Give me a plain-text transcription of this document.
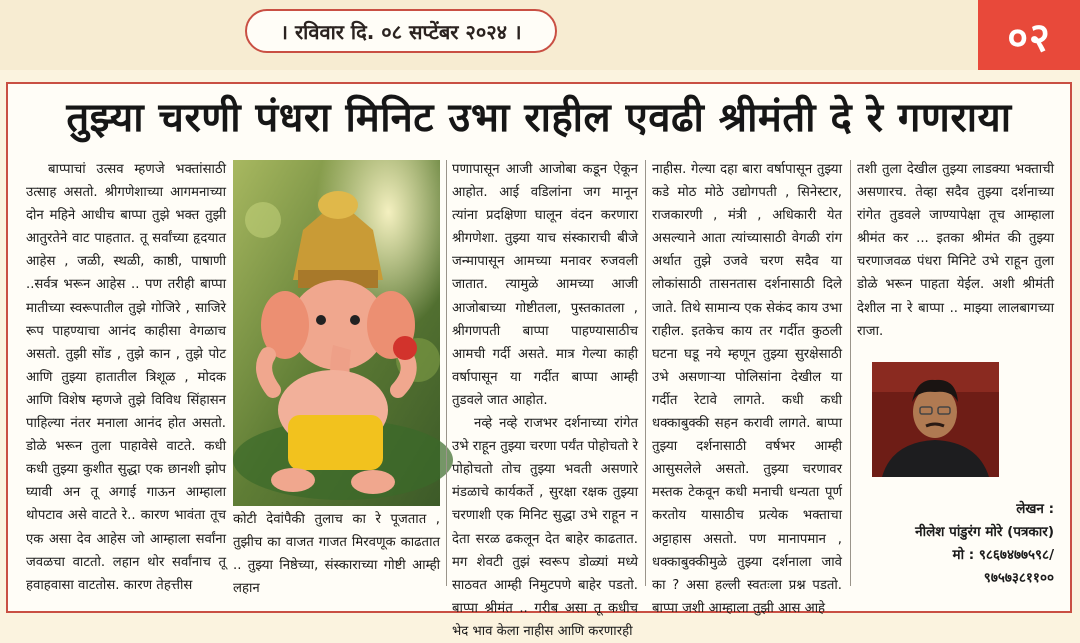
। रविवार दि. ०८ सप्टेंबर २०२४ ।	०२
तुझ्या चरणी पंधरा मिनिट उभा राहील एवढी श्रीमंती दे रे गणराया

बाप्पाचां उत्सव म्हणजे भक्तांसाठी उत्साह असतो. श्रीगणेशाच्या आगमनाच्या दोन महिने आधीच बाप्पा तुझे भक्त तुझी आतुरतेने वाट पाहतात. तू सर्वांच्या हृदयात आहेस , जळी, स्थळी, काष्ठी, पाषाणी ..सर्वत्र भरून आहेस .. पण तरीही बाप्पा मातीच्या स्वरूपातील तुझे गोजिरे , साजिरे रूप पाहण्याचा आनंद काहीसा वेगळाच असतो. तुझी सोंड , तुझे कान , तुझे पोट आणि तुझ्या हातातील त्रिशूळ , मोदक आणि विशेष म्हणजे तुझे विविध सिंहासन पाहिल्या नंतर मनाला आनंद होत असतो. डोळे भरून तुला पाहावेसे वाटते. कधी कधी तुझ्या कुशीत सुद्धा एक छानशी झोप घ्यावी अन तू अगाई गाऊन आम्हाला थोपटाव असे वाटते रे.. कारण भावंता तूच एक असा देव आहेस जो आम्हाला सर्वांना जवळचा वाटतो. लहान थोर सर्वांनाच तू हवाहवासा वाटतोस. कारण तेहत्तीस

कोटी देवांपैकी तुलाच का रे पूजतात , तुझीच का वाजत गाजत मिरवणूक काढतात .. तुझ्या निष्ठेच्या, संस्काराच्या गोष्टी आम्ही लहान

पणापासून आजी आजोबा कडून ऐकून आहोत. आई वडिलांना जग मानून त्यांना प्रदक्षिणा घालून वंदन करणारा श्रीगणेशा. तुझ्या याच संस्काराची बीजे जन्मापासून आमच्या मनावर रुजवली जातात. त्यामुळे आमच्या आजी आजोबाच्या गोष्टीतला, पुस्तकातला , श्रीगणपती बाप्पा पाहण्यासाठीच आमची गर्दी असते. मात्र गेल्या काही वर्षापासून या गर्दीत बाप्पा आम्ही तुडवले जात आहोत.

नव्हे नव्हे राजभर दर्शनाच्या रांगेत उभे राहून तुझ्या चरणा पर्यंत पोहोचतो रे पोहोचतो तोच तुझ्या भवती असणारे मंडळाचे कार्यकर्ते , सुरक्षा रक्षक तुझ्या चरणाशी एक मिनिट सुद्धा उभे राहून न देता सरळ ढकलून देत बाहेर काढतात. मग शेवटी तुझं स्वरूप डोळ्यां मध्ये साठवत आम्ही निमुटपणे बाहेर पडतो. बाप्पा श्रीमंत .. गरीब असा तू कधीच भेद भाव केला नाहीस आणि करणारही

नाहीस. गेल्या दहा बारा वर्षापासून तुझ्या कडे मोठ मोठे उद्योगपती , सिनेस्टार, राजकारणी , मंत्री , अधिकारी येत असल्याने आता त्यांच्यासाठी वेगळी रांग अर्थात तुझे उजवे चरण सदैव या लोकांसाठी तासनतास दर्शनासाठी दिले जाते. तिथे सामान्य एक सेकंद काय उभा राहील. इतकेच काय तर गर्दीत कुठली घटना घडू नये म्हणून तुझ्या सुरक्षेसाठी उभे असणाऱ्या पोलिसांना देखील या गर्दीत रेटावे लागते. कधी कधी धक्काबुक्की सहन करावी लागते. बाप्पा तुझ्या दर्शनासाठी वर्षभर आम्ही आसुसलेले असतो. तुझ्या चरणावर मस्तक टेकवून कधी मनाची धन्यता पूर्ण करतोय यासाठीच प्रत्येक भक्ताचा अट्टाहास असतो. पण मानापमान , धक्काबुक्कीमुळे तुझ्या दर्शनाला जावे का ? असा हल्ली स्वतःला प्रश्न पडतो. बाप्पा जशी आम्हाला तुझी आस आहे

तशी तुला देखील तुझ्या लाडक्या भक्ताची असणारच. तेव्हा सदैव तुझ्या दर्शनाच्या रांगेत तुडवले जाण्यापेक्षा तूच आम्हाला श्रीमंत कर ... इतका श्रीमंत की तुझ्या चरणाजवळ पंधरा मिनिटे उभे राहून तुला डोळे भरून पाहता येईल. अशी श्रीमंती देशील ना रे बाप्पा .. माझ्या लालबागच्या राजा.

लेखन :
नीलेश पांडुरंग मोरे (पत्रकार)
मो : ९८६७४७७५९८/
९७५७३८११००
